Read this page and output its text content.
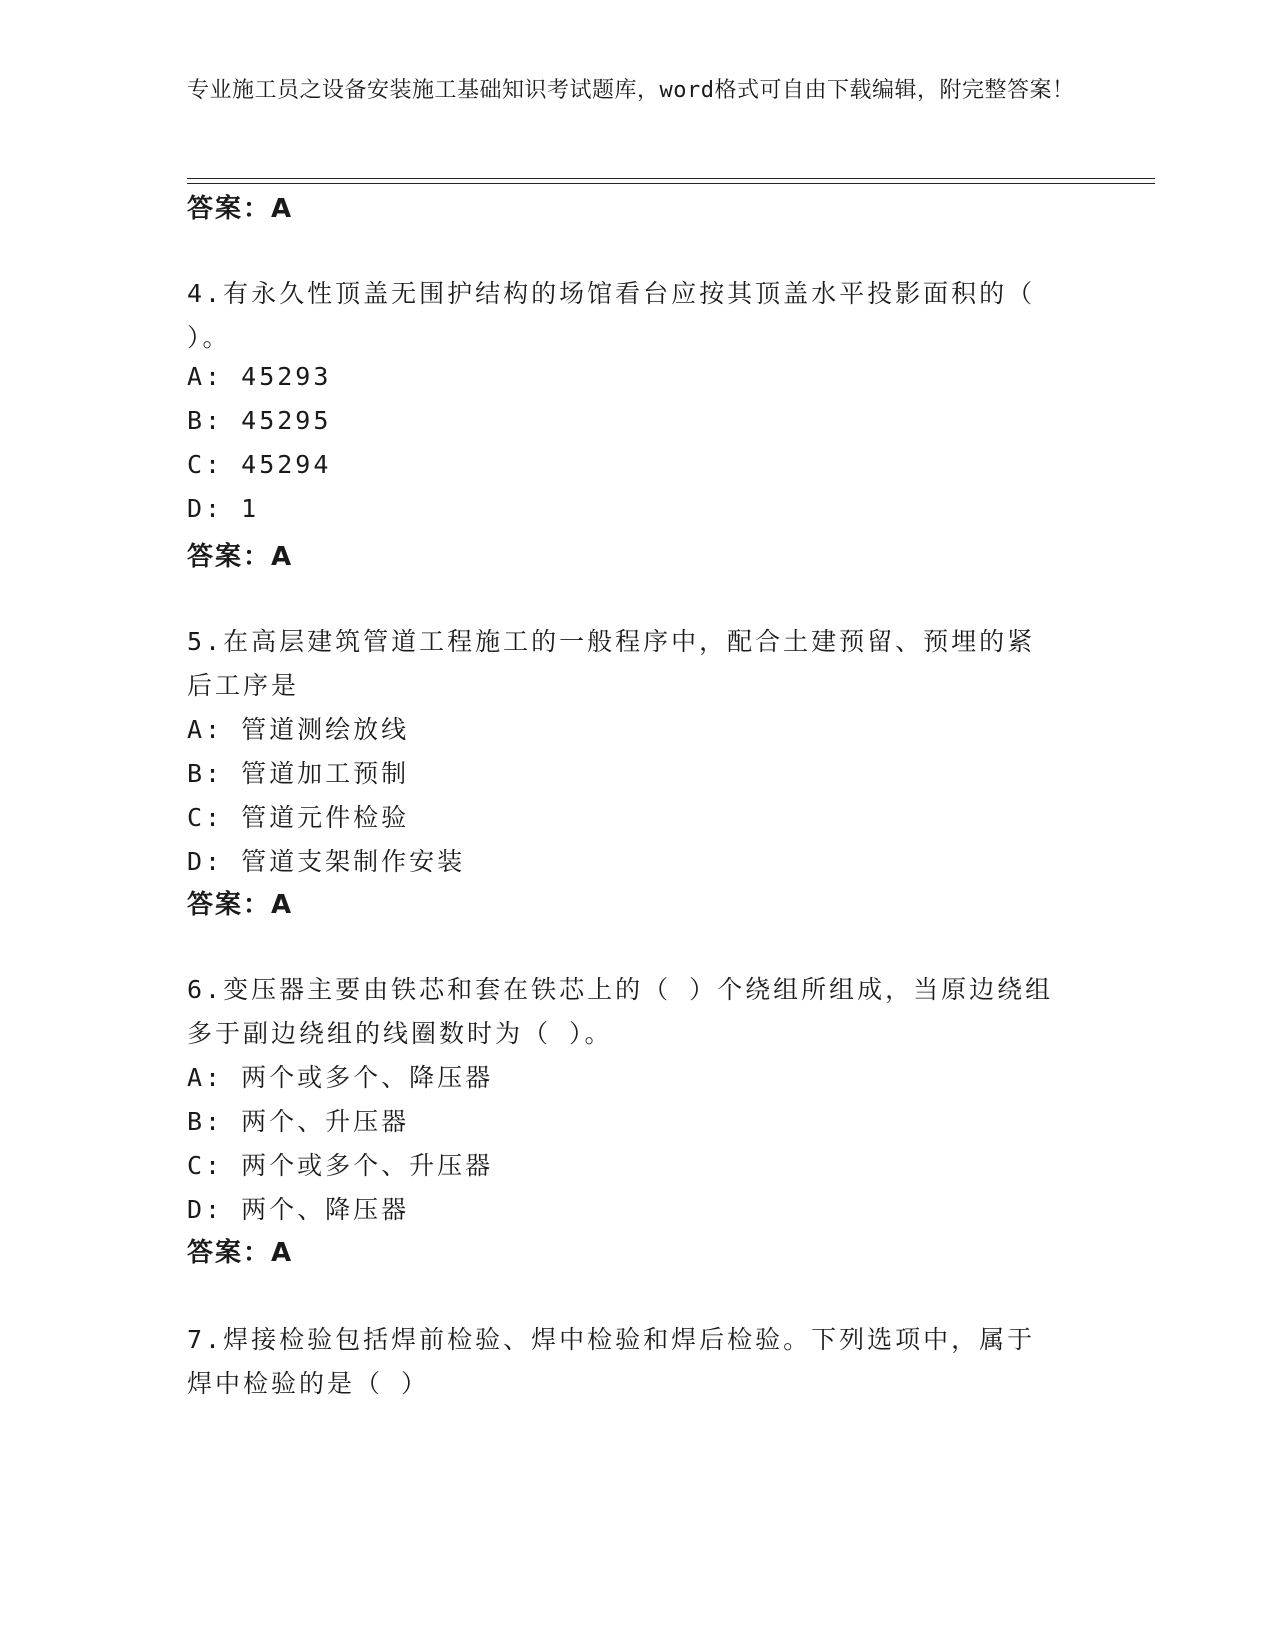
专业施工员之设备安装施工基础知识考试题库，word格式可自由下载编辑，附完整答案！
答案：A
4.有永久性顶盖无围护结构的场馆看台应按其顶盖水平投影面积的（
）。
A: 45293
B: 45295
C: 45294
D: 1
答案：A
5.在高层建筑管道工程施工的一般程序中，配合土建预留、预埋的紧
后工序是
A: 管道测绘放线
B: 管道加工预制
C: 管道元件检验
D: 管道支架制作安装
答案：A
6.变压器主要由铁芯和套在铁芯上的（ ）个绕组所组成，当原边绕组
多于副边绕组的线圈数时为（ ）。
A: 两个或多个、降压器
B: 两个、升压器
C: 两个或多个、升压器
D: 两个、降压器
答案：A
7.焊接检验包括焊前检验、焊中检验和焊后检验。下列选项中，属于
焊中检验的是（ ）
